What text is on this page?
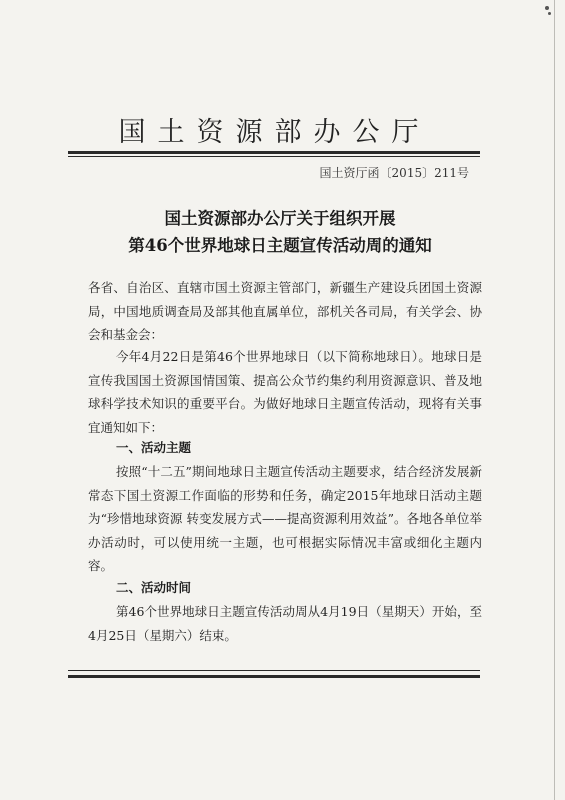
国土资源部办公厅
国土资厅函〔2015〕211号
国土资源部办公厅关于组织开展
第46个世界地球日主题宣传活动周的通知
各省、自治区、直辖市国土资源主管部门，新疆生产建设兵团国土资源局，中国地质调查局及部其他直属单位，部机关各司局，有关学会、协会和基金会：
今年4月22日是第46个世界地球日（以下简称地球日）。地球日是宣传我国国土资源国情国策、提高公众节约集约利用资源意识、普及地球科学技术知识的重要平台。为做好地球日主题宣传活动，现将有关事宜通知如下：
一、活动主题
按照“十二五”期间地球日主题宣传活动主题要求，结合经济发展新常态下国土资源工作面临的形势和任务，确定2015年地球日活动主题为“珍惜地球资源 转变发展方式——提高资源利用效益”。各地各单位举办活动时，可以使用统一主题，也可根据实际情况丰富或细化主题内容。
二、活动时间
第46个世界地球日主题宣传活动周从4月19日（星期天）开始，至4月25日（星期六）结束。
